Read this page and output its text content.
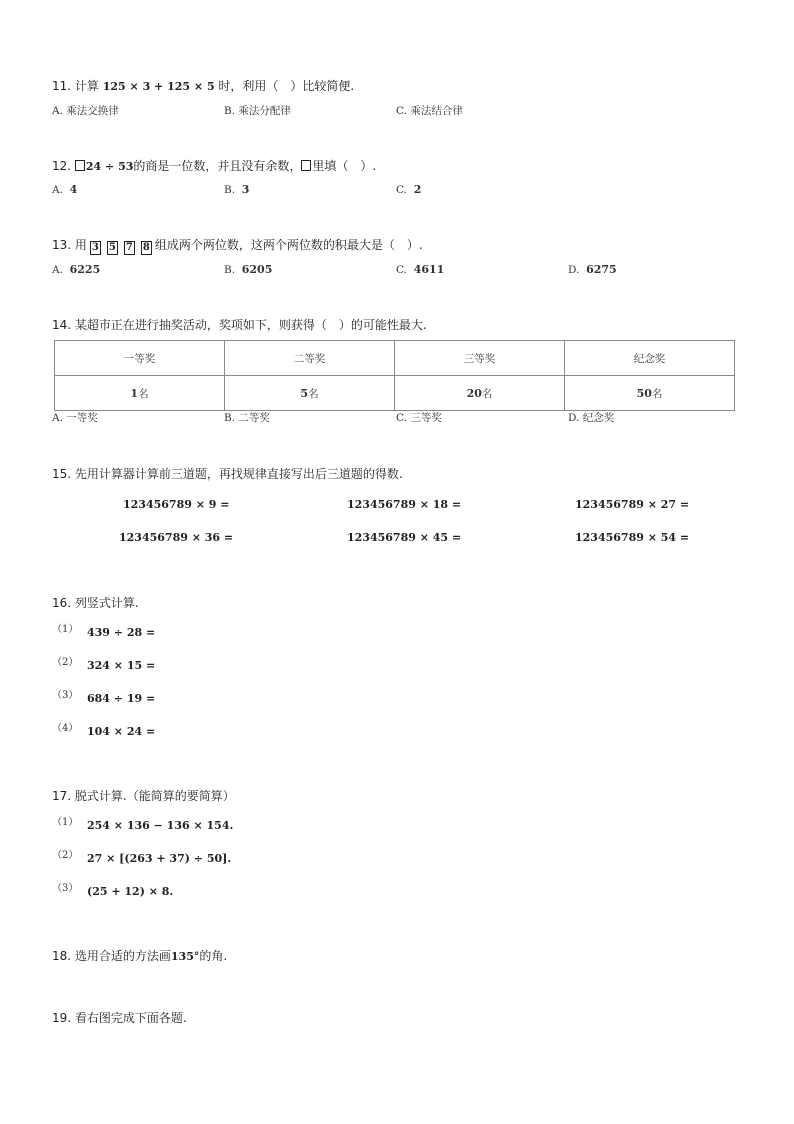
11. 计算 125 × 3 + 125 × 5 时，利用（　）比较简便.
A. 乘法交换律	B. 乘法分配律	C. 乘法结合律
12. 24 ÷ 53的商是一位数，并且没有余数， 里填（　）.
A. 4	B. 3	C. 2
13. 用 3 5 7 8 组成两个两位数，这两个两位数的积最大是（　）.
A. 6225	B. 6205	C. 4611	D. 6275
14. 某超市正在进行抽奖活动，奖项如下，则获得（　）的可能性最大.
一等奖	二等奖	三等奖	纪念奖
1名	5名	20名	50名
A. 一等奖	B. 二等奖	C. 三等奖	D. 纪念奖
15. 先用计算器计算前三道题，再找规律直接写出后三道题的得数.
123456789 × 9 =	123456789 × 18 =	123456789 × 27 =
123456789 × 36 =	123456789 × 45 =	123456789 × 54 =
16. 列竖式计算.
（1） 439 ÷ 28 =
（2） 324 × 15 =
（3） 684 ÷ 19 =
（4） 104 × 24 =
17. 脱式计算.（能简算的要简算）
（1） 254 × 136 − 136 × 154.
（2） 27 × [(263 + 37) ÷ 50].
（3） (25 + 12) × 8.
18. 选用合适的方法画135°的角.
19. 看右图完成下面各题.
